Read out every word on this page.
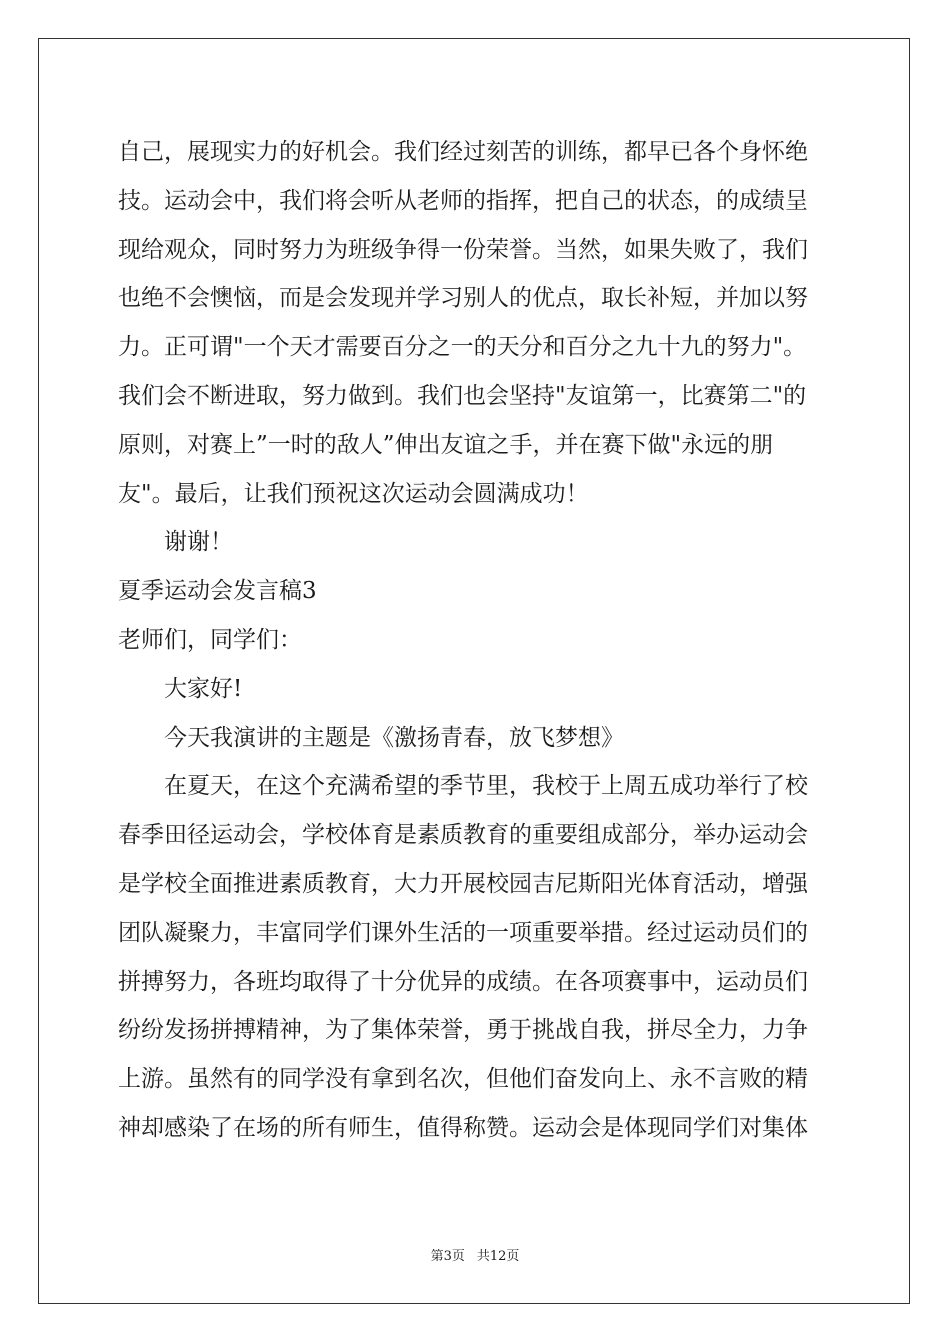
自己，展现实力的好机会。我们经过刻苦的训练，都早已各个身怀绝
技。运动会中，我们将会听从老师的指挥，把自己的状态，的成绩呈
现给观众，同时努力为班级争得一份荣誉。当然，如果失败了，我们
也绝不会懊恼，而是会发现并学习别人的优点，取长补短，并加以努
力。正可谓"一个天才需要百分之一的天分和百分之九十九的努力"。
我们会不断进取，努力做到。我们也会坚持"友谊第一，比赛第二"的
原则，对赛上”一时的敌人”伸出友谊之手，并在赛下做"永远的朋
友"。最后，让我们预祝这次运动会圆满成功！
谢谢！
夏季运动会发言稿3
老师们，同学们：
大家好!
今天我演讲的主题是《激扬青春，放飞梦想》
在夏天，在这个充满希望的季节里，我校于上周五成功举行了校
春季田径运动会，学校体育是素质教育的重要组成部分，举办运动会
是学校全面推进素质教育，大力开展校园吉尼斯阳光体育活动，增强
团队凝聚力，丰富同学们课外生活的一项重要举措。经过运动员们的
拼搏努力，各班均取得了十分优异的成绩。在各项赛事中，运动员们
纷纷发扬拼搏精神，为了集体荣誉，勇于挑战自我，拼尽全力，力争
上游。虽然有的同学没有拿到名次，但他们奋发向上、永不言败的精
神却感染了在场的所有师生，值得称赞。运动会是体现同学们对集体
第3页 共12页
